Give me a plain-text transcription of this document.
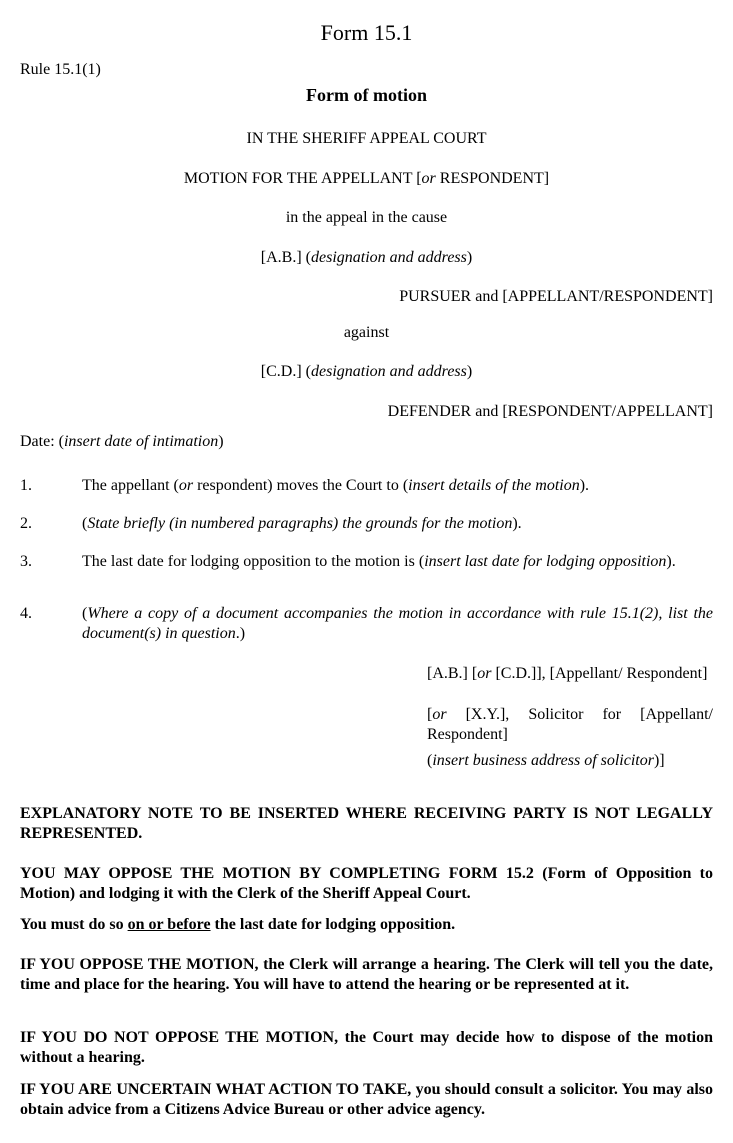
Form 15.1
Rule 15.1(1)
Form of motion
IN THE SHERIFF APPEAL COURT
MOTION FOR THE APPELLANT [or RESPONDENT]
in the appeal in the cause
[A.B.] (designation and address)
PURSUER and [APPELLANT/RESPONDENT]
against
[C.D.] (designation and address)
DEFENDER and [RESPONDENT/APPELLANT]
Date: (insert date of intimation)
1.	The appellant (or respondent) moves the Court to (insert details of the motion).
2.	(State briefly (in numbered paragraphs) the grounds for the motion).
3.	The last date for lodging opposition to the motion is (insert last date for lodging opposition).
4.	(Where a copy of a document accompanies the motion in accordance with rule 15.1(2), list the document(s) in question.)
[A.B.] [or [C.D.]], [Appellant/ Respondent]
[or [X.Y.], Solicitor for [Appellant/ Respondent]
(insert business address of solicitor)]
EXPLANATORY NOTE TO BE INSERTED WHERE RECEIVING PARTY IS NOT LEGALLY REPRESENTED.
YOU MAY OPPOSE THE MOTION BY COMPLETING FORM 15.2 (Form of Opposition to Motion) and lodging it with the Clerk of the Sheriff Appeal Court.
You must do so on or before the last date for lodging opposition.
IF YOU OPPOSE THE MOTION, the Clerk will arrange a hearing. The Clerk will tell you the date, time and place for the hearing. You will have to attend the hearing or be represented at it.
IF YOU DO NOT OPPOSE THE MOTION, the Court may decide how to dispose of the motion without a hearing.
IF YOU ARE UNCERTAIN WHAT ACTION TO TAKE, you should consult a solicitor. You may also obtain advice from a Citizens Advice Bureau or other advice agency.
